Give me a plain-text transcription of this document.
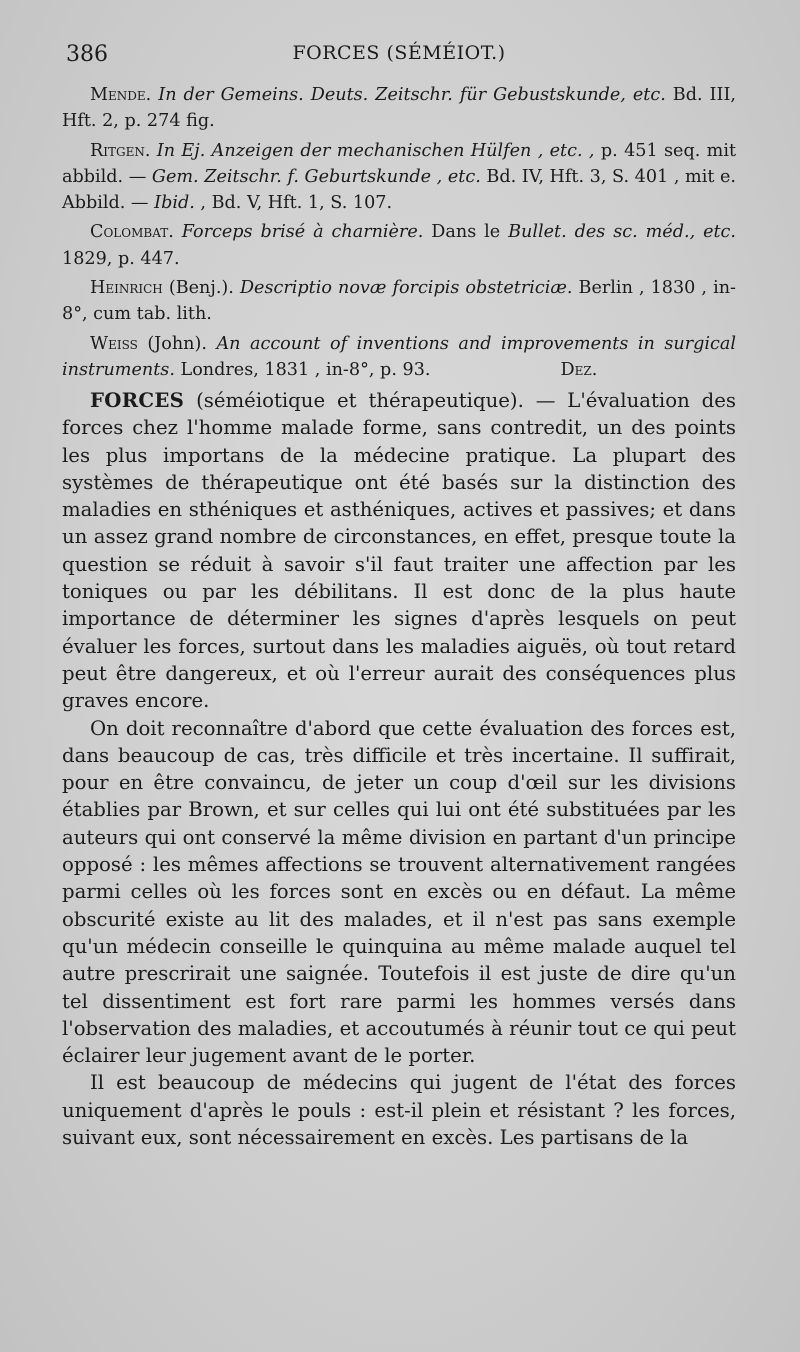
386	FORCES (SÉMÉIOT.)

Mende. In der Gemeins. Deuts. Zeitschr. für Gebustskunde, etc. Bd. III, Hft. 2, p. 274 fig.

Ritgen. In Ej. Anzeigen der mechanischen Hülfen , etc. , p. 451 seq. mit abbild. — Gem. Zeitschr. f. Geburtskunde , etc. Bd. IV, Hft. 3, S. 401 , mit e. Abbild. — Ibid. , Bd. V, Hft. 1, S. 107.

Colombat. Forceps brisé à charnière. Dans le Bullet. des sc. méd., etc. 1829, p. 447.

Heinrich (Benj.). Descriptio novæ forcipis obstetriciæ. Berlin , 1830 , in-8°, cum tab. lith.

Weiss (John). An account of inventions and improvements in surgical instruments. Londres, 1831 , in-8°, p. 93.	Dez.

FORCES (séméiotique et thérapeutique). — L'évaluation des forces chez l'homme malade forme, sans contredit, un des points les plus importans de la médecine pratique. La plupart des systèmes de thérapeutique ont été basés sur la distinction des maladies en sthéniques et asthéniques, actives et passives; et dans un assez grand nombre de circonstances, en effet, presque toute la question se réduit à savoir s'il faut traiter une affection par les toniques ou par les débilitans. Il est donc de la plus haute importance de déterminer les signes d'après lesquels on peut évaluer les forces, surtout dans les maladies aiguës, où tout retard peut être dangereux, et où l'erreur aurait des conséquences plus graves encore.

On doit reconnaître d'abord que cette évaluation des forces est, dans beaucoup de cas, très difficile et très incertaine. Il suffirait, pour en être convaincu, de jeter un coup d'œil sur les divisions établies par Brown, et sur celles qui lui ont été substituées par les auteurs qui ont conservé la même division en partant d'un principe opposé : les mêmes affections se trouvent alternativement rangées parmi celles où les forces sont en excès ou en défaut. La même obscurité existe au lit des malades, et il n'est pas sans exemple qu'un médecin conseille le quinquina au même malade auquel tel autre prescrirait une saignée. Toutefois il est juste de dire qu'un tel dissentiment est fort rare parmi les hommes versés dans l'observation des maladies, et accoutumés à réunir tout ce qui peut éclairer leur jugement avant de le porter.

Il est beaucoup de médecins qui jugent de l'état des forces uniquement d'après le pouls : est-il plein et résistant ? les forces, suivant eux, sont nécessairement en excès. Les partisans de la
